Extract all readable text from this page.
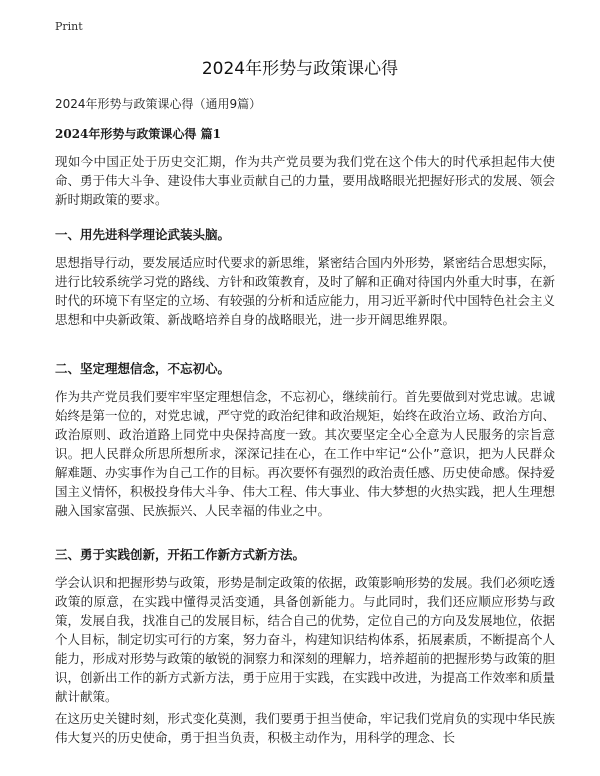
Print
2024年形势与政策课心得
2024年形势与政策课心得（通用9篇）
2024年形势与政策课心得 篇1

现如今中国正处于历史交汇期，作为共产党员要为我们党在这个伟大的时代承担起伟大使命、勇于伟大斗争、建设伟大事业贡献自己的力量，要用战略眼光把握好形式的发展、领会新时期政策的要求。

一、用先进科学理论武装头脑。

思想指导行动，要发展适应时代要求的新思维，紧密结合国内外形势，紧密结合思想实际，进行比较系统学习党的路线、方针和政策教育，及时了解和正确对待国内外重大时事，在新时代的环境下有坚定的立场、有较强的分析和适应能力，用习近平新时代中国特色社会主义思想和中央新政策、新战略培养自身的战略眼光，进一步开阔思维界限。

二、坚定理想信念，不忘初心。

作为共产党员我们要牢牢坚定理想信念，不忘初心，继续前行。首先要做到对党忠诚。忠诚始终是第一位的，对党忠诚，严守党的政治纪律和政治规矩，始终在政治立场、政治方向、政治原则、政治道路上同党中央保持高度一致。其次要坚定全心全意为人民服务的宗旨意识。把人民群众所思所想所求，深深记挂在心，在工作中牢记“公仆”意识，把为人民群众解难题、办实事作为自己工作的目标。再次要怀有强烈的政治责任感、历史使命感。保持爱国主义情怀，积极投身伟大斗争、伟大工程、伟大事业、伟大梦想的火热实践，把人生理想融入国家富强、民族振兴、人民幸福的伟业之中。

三、勇于实践创新，开拓工作新方式新方法。

学会认识和把握形势与政策，形势是制定政策的依据，政策影响形势的发展。我们必须吃透政策的原意，在实践中懂得灵活变通，具备创新能力。与此同时，我们还应顺应形势与政策，发展自我，找准自己的发展目标，结合自己的优势，定位自己的方向及发展地位，依据个人目标，制定切实可行的方案，努力奋斗，构建知识结构体系，拓展素质，不断提高个人能力，形成对形势与政策的敏锐的洞察力和深刻的理解力，培养超前的把握形势与政策的胆识，创新出工作的新方式新方法，勇于应用于实践，在实践中改进，为提高工作效率和质量献计献策。

在这历史关键时刻，形式变化莫测，我们要勇于担当使命，牢记我们党肩负的实现中华民族伟大复兴的历史使命，勇于担当负责，积极主动作为，用科学的理念、长
